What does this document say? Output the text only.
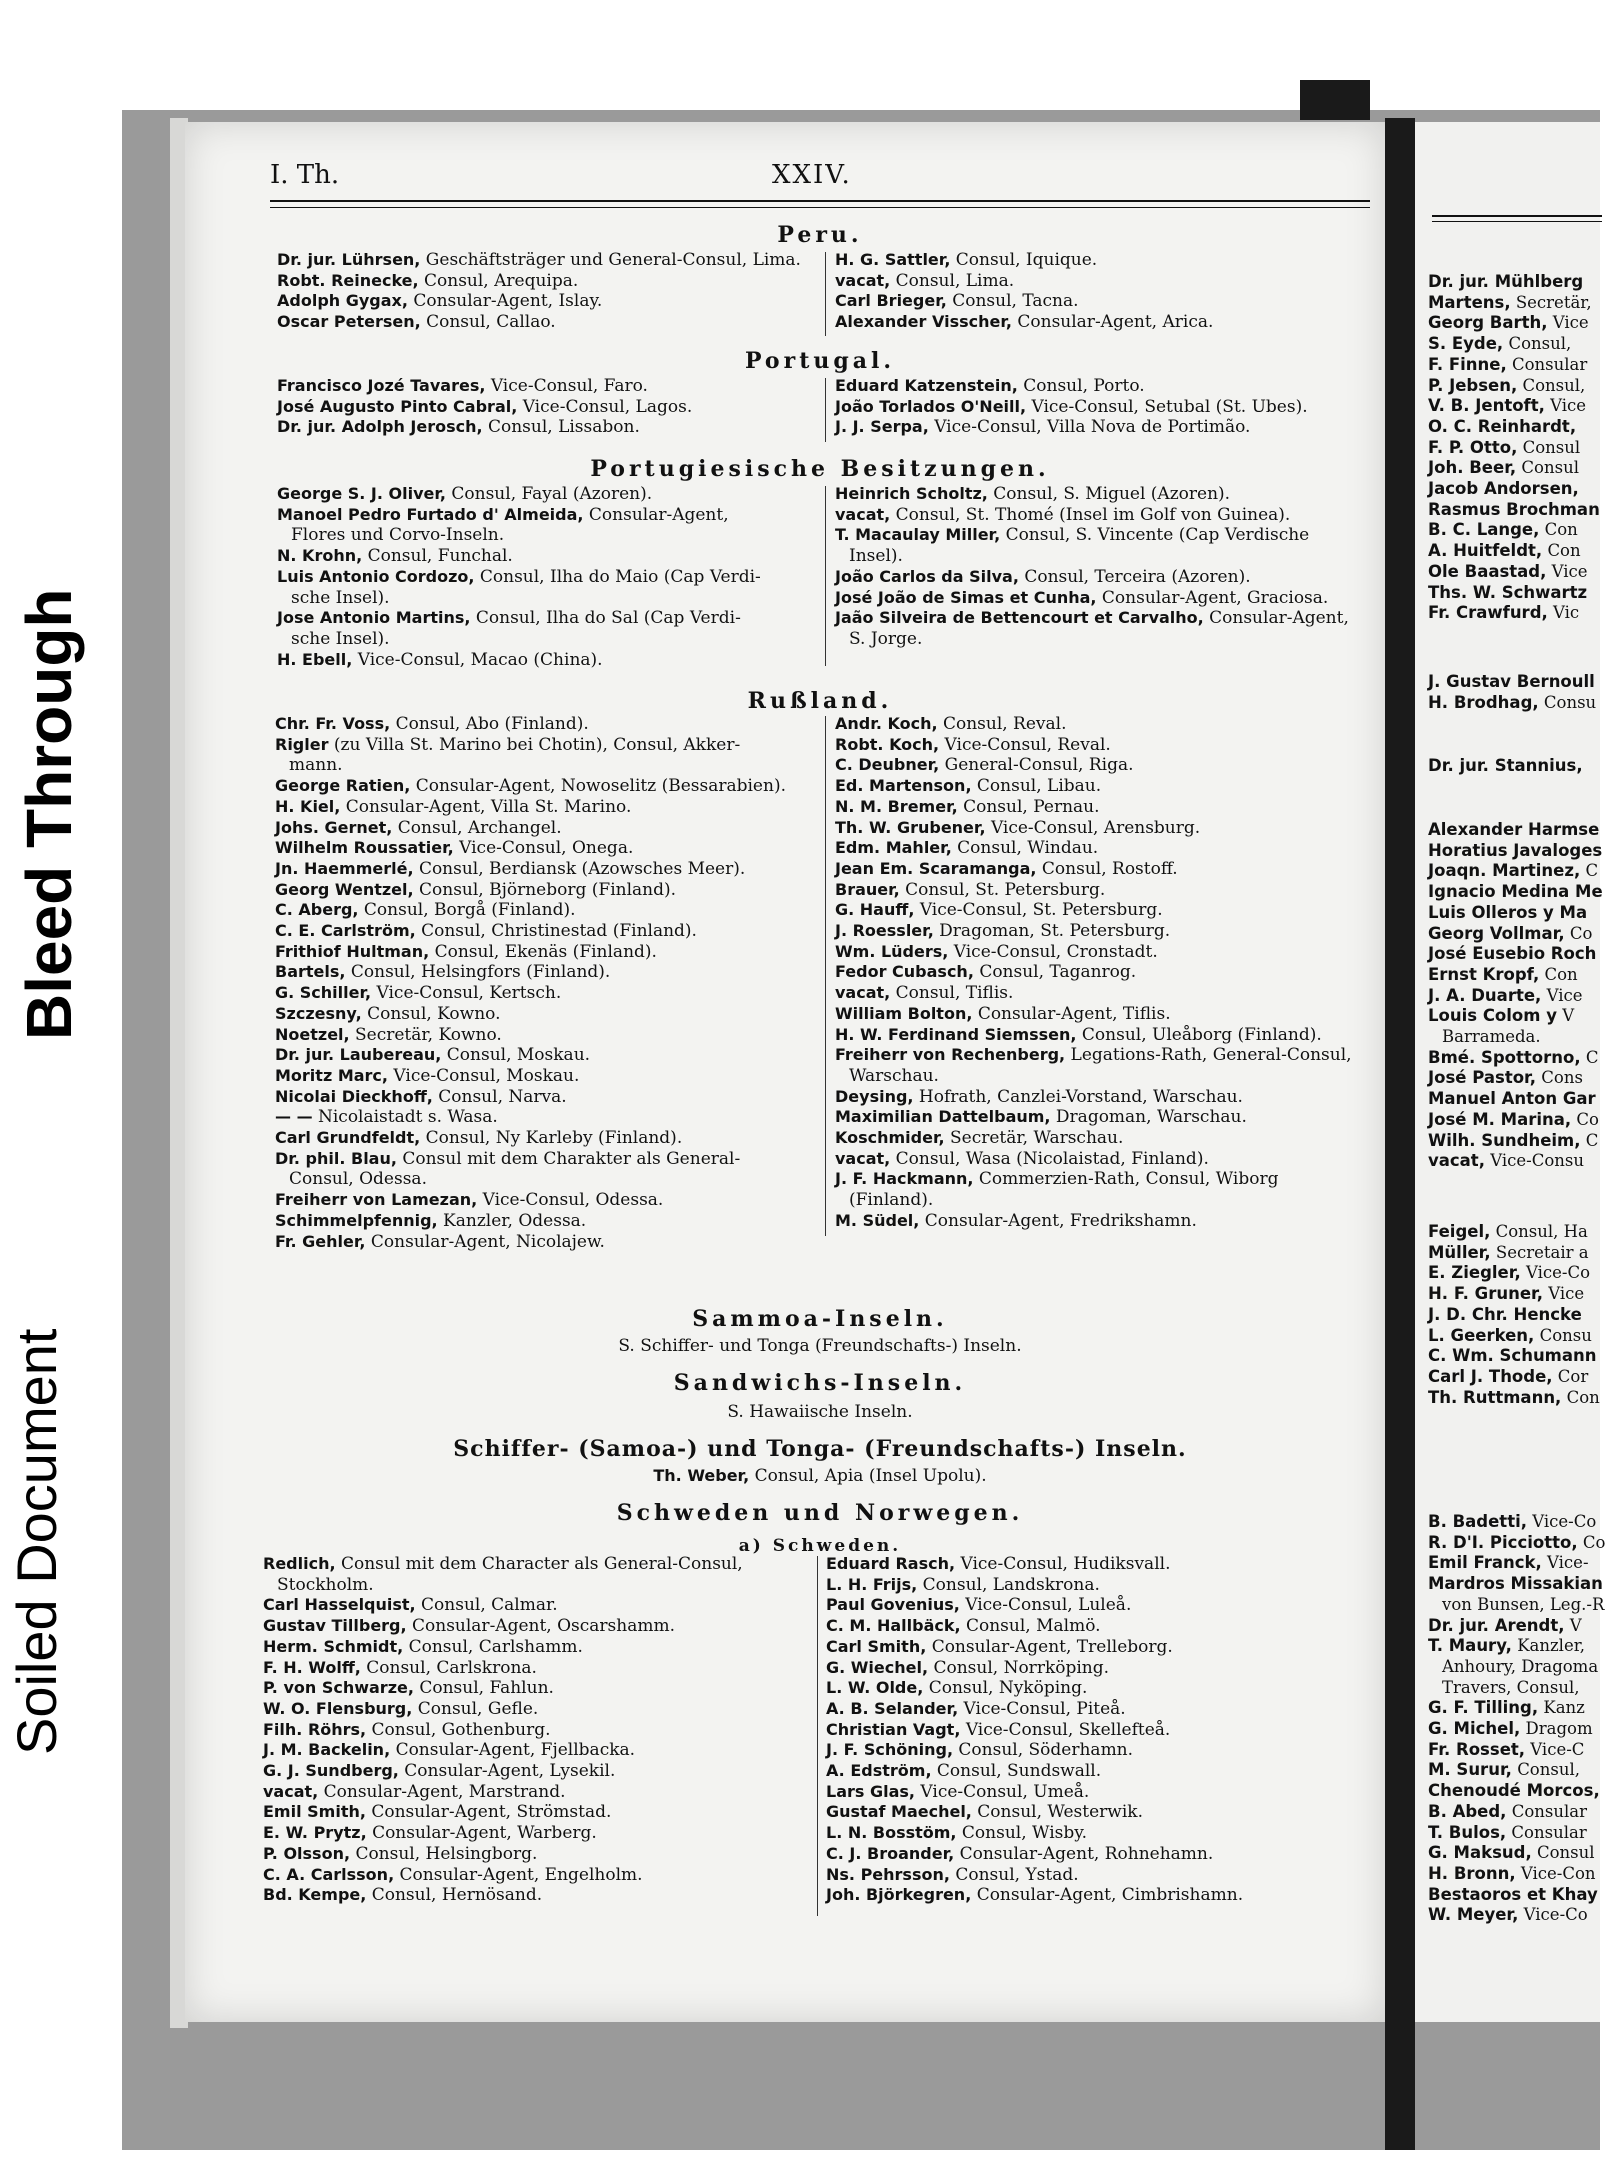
Bleed Through
Soiled Document
I. Th.	XXIV.
Peru.
Dr. jur. Lührsen, Geschäftsträger und General-Consul, Lima.
Robt. Reinecke, Consul, Arequipa.
Adolph Gygax, Consular-Agent, Islay.
Oscar Petersen, Consul, Callao.
H. G. Sattler, Consul, Iquique.
vacat, Consul, Lima.
Carl Brieger, Consul, Tacna.
Alexander Visscher, Consular-Agent, Arica.
Portugal.
Francisco Jozé Tavares, Vice-Consul, Faro.
José Augusto Pinto Cabral, Vice-Consul, Lagos.
Dr. jur. Adolph Jerosch, Consul, Lissabon.
Eduard Katzenstein, Consul, Porto.
João Torlados O'Neill, Vice-Consul, Setubal (St. Ubes).
J. J. Serpa, Vice-Consul, Villa Nova de Portimão.
Portugiesische Besitzungen.
George S. J. Oliver, Consul, Fayal (Azoren).
Manoel Pedro Furtado d' Almeida, Consular-Agent,
Flores und Corvo-Inseln.
N. Krohn, Consul, Funchal.
Luis Antonio Cordozo, Consul, Ilha do Maio (Cap Verdi-
sche Insel).
Jose Antonio Martins, Consul, Ilha do Sal (Cap Verdi-
sche Insel).
H. Ebell, Vice-Consul, Macao (China).
Heinrich Scholtz, Consul, S. Miguel (Azoren).
vacat, Consul, St. Thomé (Insel im Golf von Guinea).
T. Macaulay Miller, Consul, S. Vincente (Cap Verdische
Insel).
João Carlos da Silva, Consul, Terceira (Azoren).
José João de Simas et Cunha, Consular-Agent, Graciosa.
Jaão Silveira de Bettencourt et Carvalho, Consular-Agent,
S. Jorge.
Rußland.
Chr. Fr. Voss, Consul, Abo (Finland).
Rigler (zu Villa St. Marino bei Chotin), Consul, Akker-
mann.
George Ratien, Consular-Agent, Nowoselitz (Bessarabien).
H. Kiel, Consular-Agent, Villa St. Marino.
Johs. Gernet, Consul, Archangel.
Wilhelm Roussatier, Vice-Consul, Onega.
Jn. Haemmerlé, Consul, Berdiansk (Azowsches Meer).
Georg Wentzel, Consul, Björneborg (Finland).
C. Aberg, Consul, Borgå (Finland).
C. E. Carlström, Consul, Christinestad (Finland).
Frithiof Hultman, Consul, Ekenäs (Finland).
Bartels, Consul, Helsingfors (Finland).
G. Schiller, Vice-Consul, Kertsch.
Szczesny, Consul, Kowno.
Noetzel, Secretär, Kowno.
Dr. jur. Laubereau, Consul, Moskau.
Moritz Marc, Vice-Consul, Moskau.
Nicolai Dieckhoff, Consul, Narva.
— — Nicolaistadt s. Wasa.
Carl Grundfeldt, Consul, Ny Karleby (Finland).
Dr. phil. Blau, Consul mit dem Charakter als General-
Consul, Odessa.
Freiherr von Lamezan, Vice-Consul, Odessa.
Schimmelpfennig, Kanzler, Odessa.
Fr. Gehler, Consular-Agent, Nicolajew.
Andr. Koch, Consul, Reval.
Robt. Koch, Vice-Consul, Reval.
C. Deubner, General-Consul, Riga.
Ed. Martenson, Consul, Libau.
N. M. Bremer, Consul, Pernau.
Th. W. Grubener, Vice-Consul, Arensburg.
Edm. Mahler, Consul, Windau.
Jean Em. Scaramanga, Consul, Rostoff.
Brauer, Consul, St. Petersburg.
G. Hauff, Vice-Consul, St. Petersburg.
J. Roessler, Dragoman, St. Petersburg.
Wm. Lüders, Vice-Consul, Cronstadt.
Fedor Cubasch, Consul, Taganrog.
vacat, Consul, Tiflis.
William Bolton, Consular-Agent, Tiflis.
H. W. Ferdinand Siemssen, Consul, Uleåborg (Finland).
Freiherr von Rechenberg, Legations-Rath, General-Consul,
Warschau.
Deysing, Hofrath, Canzlei-Vorstand, Warschau.
Maximilian Dattelbaum, Dragoman, Warschau.
Koschmider, Secretär, Warschau.
vacat, Consul, Wasa (Nicolaistad, Finland).
J. F. Hackmann, Commerzien-Rath, Consul, Wiborg
(Finland).
M. Südel, Consular-Agent, Fredrikshamn.
Sammoa-Inseln.
S. Schiffer- und Tonga (Freundschafts-) Inseln.
Sandwichs-Inseln.
S. Hawaiische Inseln.
Schiffer- (Samoa-) und Tonga- (Freundschafts-) Inseln.
Th. Weber, Consul, Apia (Insel Upolu).
Schweden und Norwegen.
a) Schweden.
Redlich, Consul mit dem Character als General-Consul,
Stockholm.
Carl Hasselquist, Consul, Calmar.
Gustav Tillberg, Consular-Agent, Oscarshamm.
Herm. Schmidt, Consul, Carlshamm.
F. H. Wolff, Consul, Carlskrona.
P. von Schwarze, Consul, Fahlun.
W. O. Flensburg, Consul, Gefle.
Filh. Röhrs, Consul, Gothenburg.
J. M. Backelin, Consular-Agent, Fjellbacka.
G. J. Sundberg, Consular-Agent, Lysekil.
vacat, Consular-Agent, Marstrand.
Emil Smith, Consular-Agent, Strömstad.
E. W. Prytz, Consular-Agent, Warberg.
P. Olsson, Consul, Helsingborg.
C. A. Carlsson, Consular-Agent, Engelholm.
Bd. Kempe, Consul, Hernösand.
Eduard Rasch, Vice-Consul, Hudiksvall.
L. H. Frijs, Consul, Landskrona.
Paul Govenius, Vice-Consul, Luleå.
C. M. Hallbäck, Consul, Malmö.
Carl Smith, Consular-Agent, Trelleborg.
G. Wiechel, Consul, Norrköping.
L. W. Olde, Consul, Nyköping.
A. B. Selander, Vice-Consul, Piteå.
Christian Vagt, Vice-Consul, Skellefteå.
J. F. Schöning, Consul, Söderhamn.
A. Edström, Consul, Sundswall.
Lars Glas, Vice-Consul, Umeå.
Gustaf Maechel, Consul, Westerwik.
L. N. Bosstöm, Consul, Wisby.
C. J. Broander, Consular-Agent, Rohnehamn.
Ns. Pehrsson, Consul, Ystad.
Joh. Björkegren, Consular-Agent, Cimbrishamn.
Dr. jur. Mühlberg
Martens, Secretär,
Georg Barth, Vice
S. Eyde, Consul,
F. Finne, Consular
P. Jebsen, Consul,
V. B. Jentoft, Vice
O. C. Reinhardt,
F. P. Otto, Consul
Joh. Beer, Consul
Jacob Andorsen,
Rasmus Brochman
B. C. Lange, Con
A. Huitfeldt, Con
Ole Baastad, Vice
Ths. W. Schwartz
Fr. Crawfurd, Vic
J. Gustav Bernoull
H. Brodhag, Consu
Dr. jur. Stannius,
Alexander Harmse
Horatius Javaloges
Joaqn. Martinez, C
Ignacio Medina Me
Luis Olleros y Ma
Georg Vollmar, Co
José Eusebio Roch
Ernst Kropf, Con
J. A. Duarte, Vice
Louis Colom y V
Barrameda.
Bmé. Spottorno, C
José Pastor, Cons
Manuel Anton Gar
José M. Marina, Co
Wilh. Sundheim, C
vacat, Vice-Consu
Feigel, Consul, Ha
Müller, Secretair a
E. Ziegler, Vice-Co
H. F. Gruner, Vice
J. D. Chr. Hencke
L. Geerken, Consu
C. Wm. Schumann
Carl J. Thode, Cor
Th. Ruttmann, Con
B. Badetti, Vice-Co
R. D'I. Picciotto, Co
Emil Franck, Vice-
Mardros Missakian
von Bunsen, Leg.-R
Dr. jur. Arendt, V
T. Maury, Kanzler,
Anhoury, Dragoma
Travers, Consul,
G. F. Tilling, Kanz
G. Michel, Dragom
Fr. Rosset, Vice-C
M. Surur, Consul,
Chenoudé Morcos,
B. Abed, Consular
T. Bulos, Consular
G. Maksud, Consul
H. Bronn, Vice-Con
Bestaoros et Khay
W. Meyer, Vice-Co
